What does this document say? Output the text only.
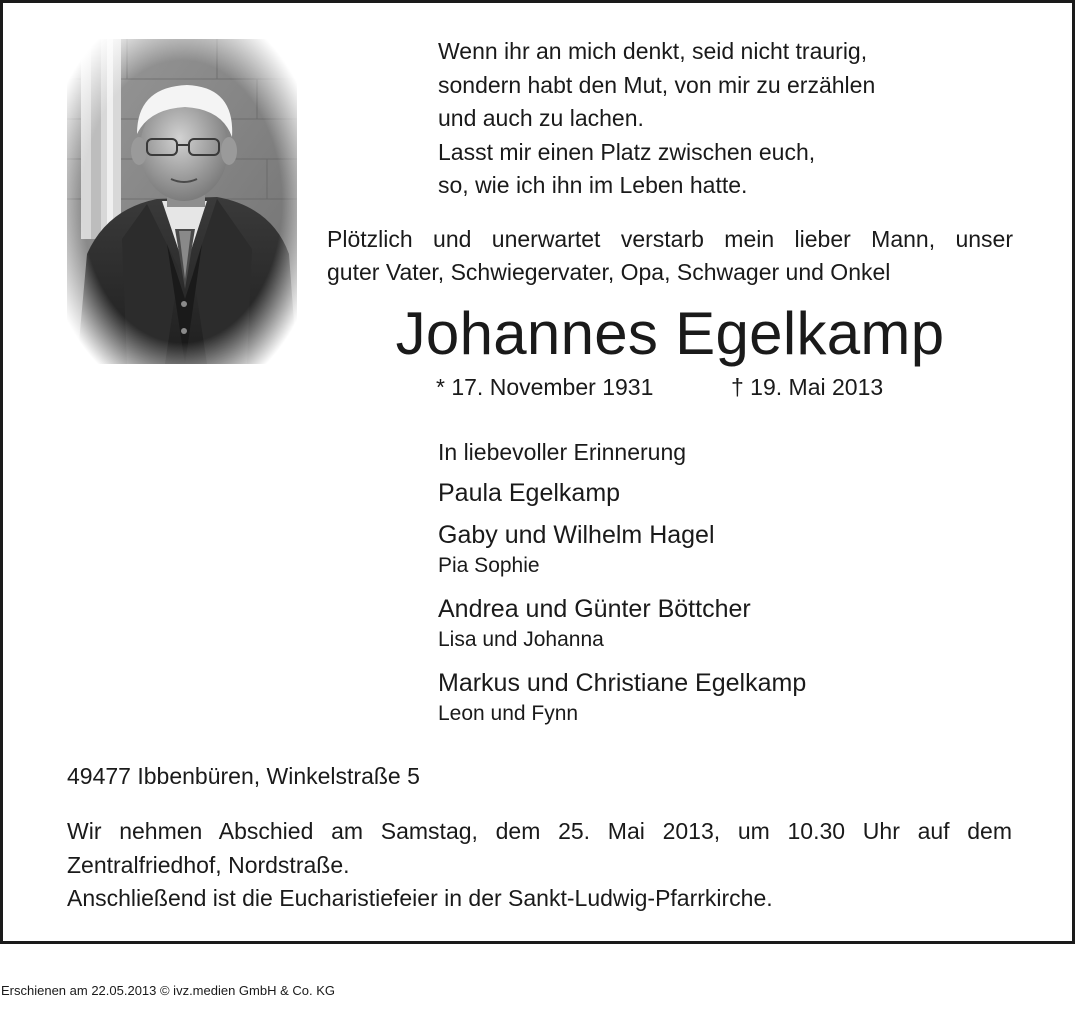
Wenn ihr an mich denkt, seid nicht traurig,
sondern habt den Mut, von mir zu erzählen
und auch zu lachen.
Lasst mir einen Platz zwischen euch,
so, wie ich ihn im Leben hatte.
Plötzlich und unerwartet verstarb mein lieber Mann, unser
guter Vater, Schwiegervater, Opa, Schwager und Onkel
Johannes Egelkamp
* 17. November 1931	† 19. Mai 2013
In liebevoller Erinnerung
Paula Egelkamp
Gaby und Wilhelm Hagel
Pia Sophie
Andrea und Günter Böttcher
Lisa und Johanna
Markus und Christiane Egelkamp
Leon und Fynn
49477 Ibbenbüren, Winkelstraße 5
Wir nehmen Abschied am Samstag, dem 25. Mai 2013, um 10.30 Uhr auf dem
Zentralfriedhof, Nordstraße.
Anschließend ist die Eucharistiefeier in der Sankt-Ludwig-Pfarrkirche.
Erschienen am 22.05.2013 © ivz.medien GmbH & Co. KG
